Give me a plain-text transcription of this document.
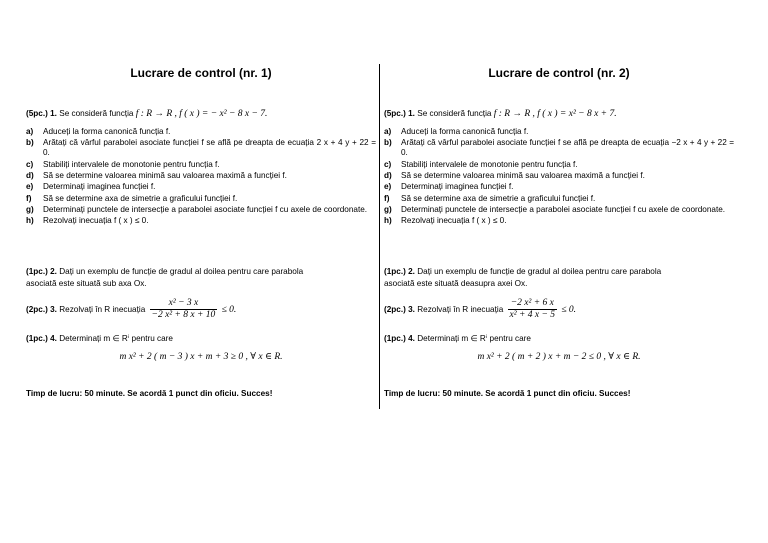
Lucrare de control (nr. 1)
(5pc.) 1. Se consideră funcția f : R → R , f ( x ) = − x² − 8 x − 7.
a) Aduceți la forma canonică funcția f.
b) Arătați că vârful parabolei asociate funcției f se află pe dreapta de ecuația 2 x + 4 y + 22 = 0.
c) Stabiliți intervalele de monotonie pentru funcția f.
d) Să se determine valoarea minimă sau valoarea maximă a funcției f.
e) Determinați imaginea funcției f.
f) Să se determine axa de simetrie a graficului funcției f.
g) Determinați punctele de intersecție a parabolei asociate funcției f cu axele de coordonate.
h) Rezolvați inecuația f ( x ) ≤ 0.
(1pc.) 2. Dați un exemplu de funcție de gradul al doilea pentru care parabola
asociată este situată sub axa Ox.
(2pc.) 3. Rezolvați în R inecuația $\frac{\text{x² − 3 x}}{\text{−2 x² + 8 x + 10}} \le 0$.
(1pc.) 4. Determinați m ∈ Rⁱ pentru care
m x² + 2 ( m − 3 ) x + m + 3 ≥ 0 , ∀ x ∈ R.
Timp de lucru: 50 minute. Se acordă 1 punct din oficiu. Succes!
Lucrare de control (nr. 2)
(5pc.) 1. Se consideră funcția f : R → R , f ( x ) = x² − 8 x + 7.
a) Aduceți la forma canonică funcția f.
b) Arătați că vârful parabolei asociate funcției f se află pe dreapta de ecuația −2 x + 4 y + 22 = 0.
c) Stabiliți intervalele de monotonie pentru funcția f.
d) Să se determine valoarea minimă sau valoarea maximă a funcției f.
e) Determinați imaginea funcției f.
f) Să se determine axa de simetrie a graficului funcției f.
g) Determinați punctele de intersecție a parabolei asociate funcției f cu axele de coordonate.
h) Rezolvați inecuația f ( x ) ≤ 0.
(1pc.) 2. Dați un exemplu de funcție de gradul al doilea pentru care parabola
asociată este situată deasupra axei Ox.
(2pc.) 3. Rezolvați în R inecuația $\frac{\text{−2 x² + 6 x}}{\text{x² + 4 x − 5}} \le 0$.
(1pc.) 4. Determinați m ∈ Rⁱ pentru care
m x² + 2 ( m + 2 ) x + m − 2 ≤ 0 , ∀ x ∈ R.
Timp de lucru: 50 minute. Se acordă 1 punct din oficiu. Succes!
